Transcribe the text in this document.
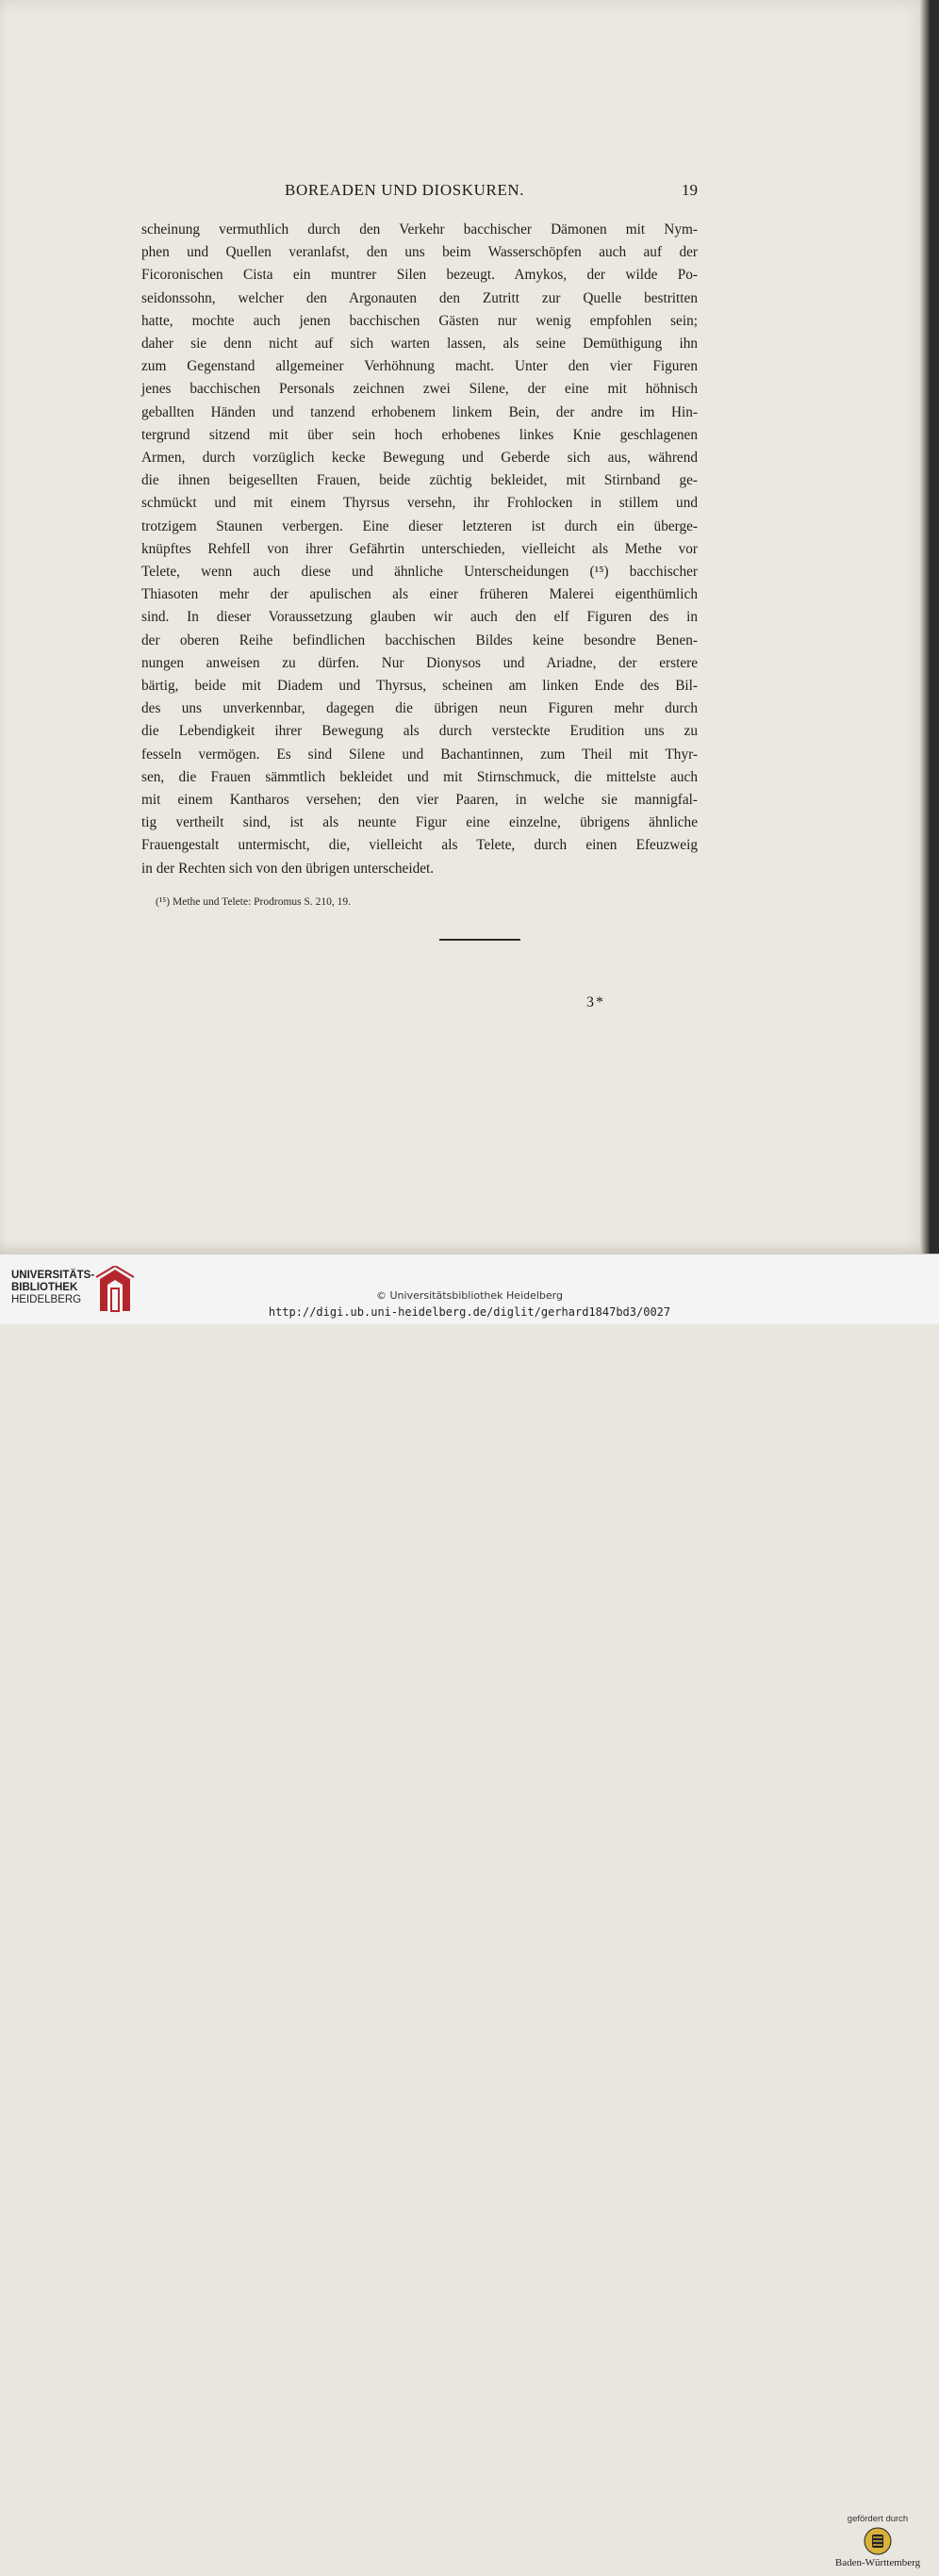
BOREADEN UND DIOSKUREN.	19
scheinung vermuthlich durch den Verkehr bacchischer Dämonen mit Nym-
phen und Quellen veranlafst, den uns beim Wasserschöpfen auch auf der
Ficoronischen Cista ein muntrer Silen bezeugt. Amykos, der wilde Po-
seidonssohn, welcher den Argonauten den Zutritt zur Quelle bestritten
hatte, mochte auch jenen bacchischen Gästen nur wenig empfohlen sein;
daher sie denn nicht auf sich warten lassen, als seine Demüthigung ihn
zum Gegenstand allgemeiner Verhöhnung macht. Unter den vier Figuren
jenes bacchischen Personals zeichnen zwei Silene, der eine mit höhnisch
geballten Händen und tanzend erhobenem linkem Bein, der andre im Hin-
tergrund sitzend mit über sein hoch erhobenes linkes Knie geschlagenen
Armen, durch vorzüglich kecke Bewegung und Geberde sich aus, während
die ihnen beigesellten Frauen, beide züchtig bekleidet, mit Stirnband ge-
schmückt und mit einem Thyrsus versehn, ihr Frohlocken in stillem und
trotzigem Staunen verbergen. Eine dieser letzteren ist durch ein überge-
knüpftes Rehfell von ihrer Gefährtin unterschieden, vielleicht als Methe vor
Telete, wenn auch diese und ähnliche Unterscheidungen (¹⁵) bacchischer
Thiasoten mehr der apulischen als einer früheren Malerei eigenthümlich
sind. In dieser Voraussetzung glauben wir auch den elf Figuren des in
der oberen Reihe befindlichen bacchischen Bildes keine besondre Benen-
nungen anweisen zu dürfen. Nur Dionysos und Ariadne, der erstere
bärtig, beide mit Diadem und Thyrsus, scheinen am linken Ende des Bil-
des uns unverkennbar, dagegen die übrigen neun Figuren mehr durch
die Lebendigkeit ihrer Bewegung als durch versteckte Erudition uns zu
fesseln vermögen. Es sind Silene und Bachantinnen, zum Theil mit Thyr-
sen, die Frauen sämmtlich bekleidet und mit Stirnschmuck, die mittelste auch
mit einem Kantharos versehen; den vier Paaren, in welche sie mannigfal-
tig vertheilt sind, ist als neunte Figur eine einzelne, übrigens ähnliche
Frauengestalt untermischt, die, vielleicht als Telete, durch einen Efeuzweig
in der Rechten sich von den übrigen unterscheidet.
(¹⁵) Methe und Telete: Prodromus S. 210, 19.
3*
UNIVERSITÄTS-
BIBLIOTHEK
HEIDELBERG
gefördert durch
Baden-Württemberg
© Universitätsbibliothek Heidelberg
http://digi.ub.uni-heidelberg.de/diglit/gerhard1847bd3/0027
